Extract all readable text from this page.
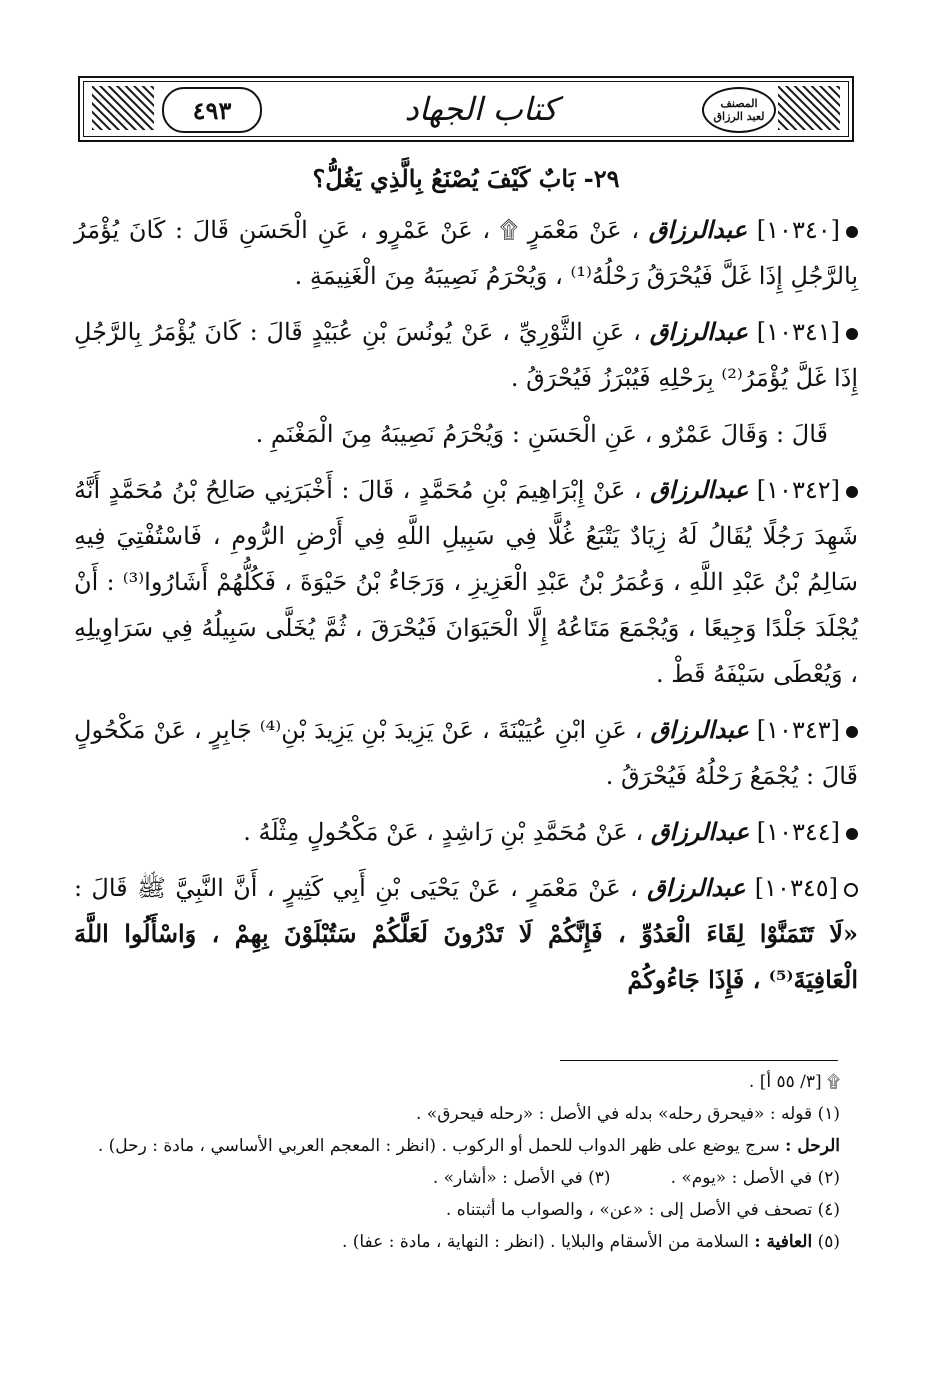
٤٩٣	كتاب الجهاد	المصنف
لعبد الرزاق
٢٩- بَابٌ كَيْفَ يُصْنَعُ بِالَّذِي يَغُلُّ؟

[١٠٣٤٠] عبدالرزاق ، عَنْ مَعْمَرٍ ۩ ، عَنْ عَمْرٍو ، عَنِ الْحَسَنِ قَالَ : كَانَ يُؤْمَرُ بِالرَّجُلِ إِذَا غَلَّ فَيُحْرَقُ رَحْلُهُ⁽¹⁾ ، وَيُحْرَمُ نَصِيبَهُ مِنَ الْغَنِيمَةِ .

[١٠٣٤١] عبدالرزاق ، عَنِ الثَّوْرِيِّ ، عَنْ يُونُسَ بْنِ عُبَيْدٍ قَالَ : كَانَ يُؤْمَرُ بِالرَّجُلِ إِذَا غَلَّ يُؤْمَرُ⁽²⁾ بِرَحْلِهِ فَيُبْرَزُ فَيُحْرَقُ .

قَالَ : وَقَالَ عَمْرٌو ، عَنِ الْحَسَنِ : وَيُحْرَمُ نَصِيبَهُ مِنَ الْمَغْنَمِ .

[١٠٣٤٢] عبدالرزاق ، عَنْ إِبْرَاهِيمَ بْنِ مُحَمَّدٍ ، قَالَ : أَخْبَرَنِي صَالِحُ بْنُ مُحَمَّدٍ أَنَّهُ شَهِدَ رَجُلًا يُقَالُ لَهُ زِيَادٌ يَتْبَعُ غُلًّا فِي سَبِيلِ اللَّهِ فِي أَرْضِ الرُّومِ ، فَاسْتُفْتِيَ فِيهِ سَالِمُ بْنُ عَبْدِ اللَّهِ ، وَعُمَرُ بْنُ عَبْدِ الْعَزِيزِ ، وَرَجَاءُ بْنُ حَيْوَةَ ، فَكُلُّهُمْ أَشَارُوا⁽³⁾ : أَنْ يُجْلَدَ جَلْدًا وَجِيعًا ، وَيُجْمَعَ مَتَاعُهُ إِلَّا الْحَيَوَانَ فَيُحْرَقَ ، ثُمَّ يُخَلَّى سَبِيلُهُ فِي سَرَاوِيلِهِ ، وَيُعْطَى سَيْفَهُ قَطْ .

[١٠٣٤٣] عبدالرزاق ، عَنِ ابْنِ عُيَيْنَةَ ، عَنْ يَزِيدَ بْنِ يَزِيدَ بْنِ⁽⁴⁾ جَابِرٍ ، عَنْ مَكْحُولٍ قَالَ : يُجْمَعُ رَحْلُهُ فَيُحْرَقُ .

[١٠٣٤٤] عبدالرزاق ، عَنْ مُحَمَّدِ بْنِ رَاشِدٍ ، عَنْ مَكْحُولٍ مِثْلَهُ .

[١٠٣٤٥] عبدالرزاق ، عَنْ مَعْمَرٍ ، عَنْ يَحْيَى بْنِ أَبِي كَثِيرٍ ، أَنَّ النَّبِيَّ ﷺ قَالَ : «لَا تَتَمَنَّوْا لِقَاءَ الْعَدُوِّ ، فَإِنَّكُمْ لَا تَدْرُونَ لَعَلَّكُمْ سَتُبْلَوْنَ بِهِمْ ، وَاسْأَلُوا اللَّهَ الْعَافِيَةَ⁽⁵⁾ ، فَإِذَا جَاءُوكُمْ

۩ [٣/ ٥٥ أ] .
(١) قوله : «فيحرق رحله» بدله في الأصل : «رحله فيحرق» .
الرحل : سرج يوضع على ظهر الدواب للحمل أو الركوب . (انظر : المعجم العربي الأساسي ، مادة : رحل) .
(٢) في الأصل : «يوم» .
(٣) في الأصل : «أشار» .
(٤) تصحف في الأصل إلى : «عن» ، والصواب ما أثبتناه .
(٥) العافية : السلامة من الأسقام والبلايا . (انظر : النهاية ، مادة : عفا) .
